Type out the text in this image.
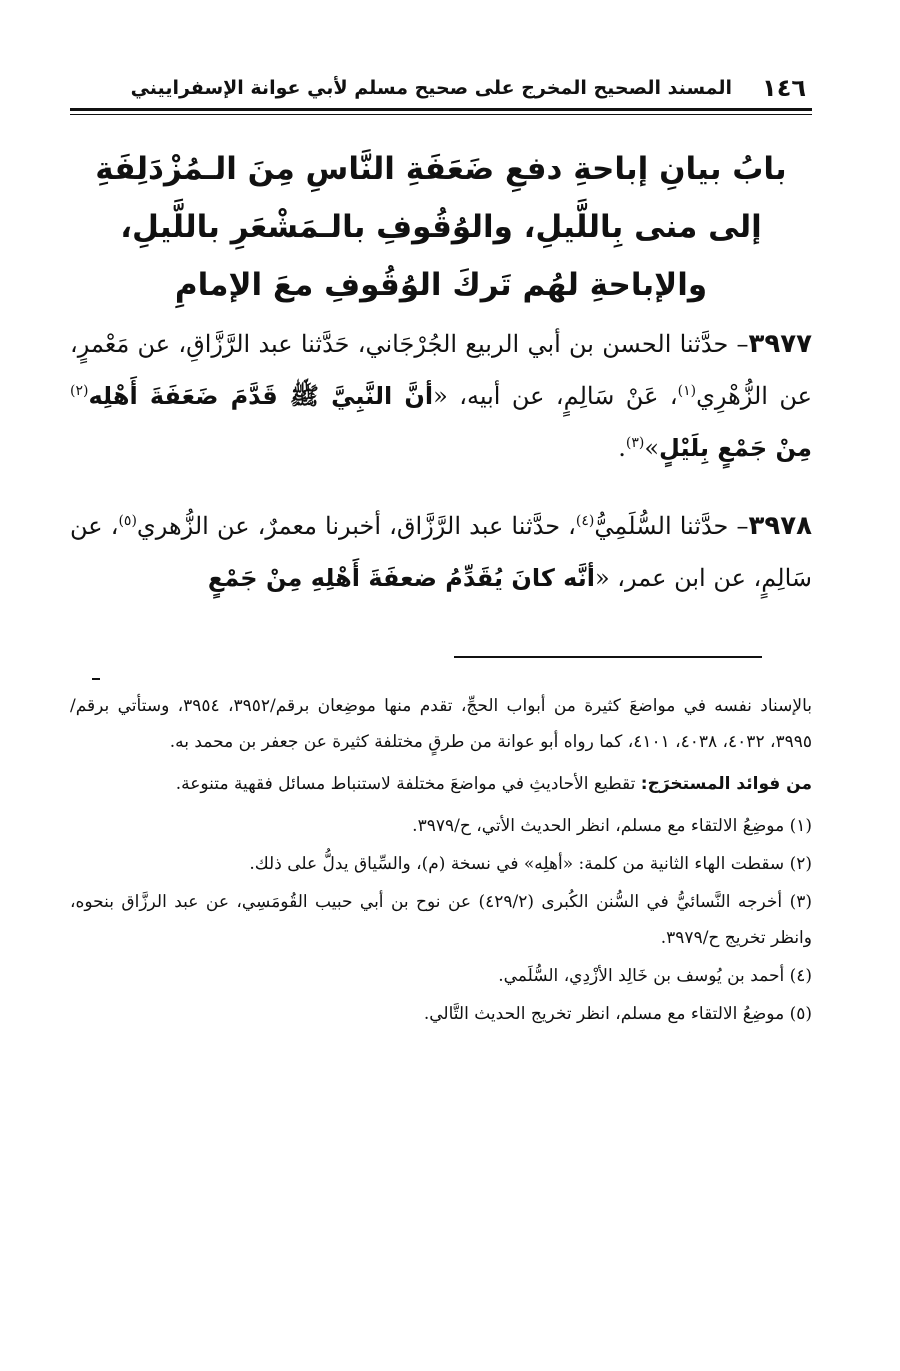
١٤٦
المسند الصحيح المخرج على صحيح مسلم لأبي عوانة الإسفراييني
بابُ بيانِ إباحةِ دفعِ ضَعَفَةِ النَّاسِ مِنَ الـمُزْدَلِفَةِ إلى منى بِاللَّيلِ، والوُقُوفِ بالـمَشْعَرِ باللَّيلِ، والإباحةِ لهُم تَركَ الوُقُوفِ معَ الإمامِ
٣٩٧٧– حدَّثنا الحسن بن أبي الربيع الجُرْجَاني، حَدَّثنا عبد الرَّزَّاقِ، عن مَعْمرٍ، عن الزُّهْرِي$^{(١)}$، عَنْ سَالِمٍ، عن أبيه، «أنَّ النَّبِيَّ ﷺ قَدَّمَ ضَعَفَةَ أَهْلِه$^{(٢)}$ مِنْ جَمْعٍ بِلَيْلٍ»$^{(٣)}$.
٣٩٧٨– حدَّثنا السُّلَمِيُّ$^{(٤)}$، حدَّثنا عبد الرَّزَّاق، أخبرنا معمرٌ، عن الزُّهري$^{(٥)}$، عن سَالِمٍ، عن ابن عمر، «أنَّه كانَ يُقَدِّمُ ضعفَةَ أَهْلِهِ مِنْ جَمْعٍ

بالإسناد نفسه في مواضعَ كثيرة من أبواب الحجِّ، تقدم منها موضِعان برقم/٣٩٥٢، ٣٩٥٤، وستأتي برقم/ ٣٩٩٥، ٤٠٣٢، ٤٠٣٨، ٤١٠١، كما رواه أبو عوانة من طرقٍ مختلفة كثيرة عن جعفر بن محمد به.

من فوائد المستخرَج: تقطيع الأحاديثِ في مواضعَ مختلفة لاستنباط مسائل فقهية متنوعة.

(١) موضِعُ الالتقاء مع مسلم، انظر الحديث الأتي، ح/٣٩٧٩.

(٢) سقطت الهاء الثانية من كلمة: «أهلِه» في نسخة (م)، والسِّياق يدلُّ على ذلك.

(٣) أخرجه النَّسائيُّ في السُّنن الكُبرى (٤٢٩/٢) عن نوح بن أبي حبيب القُومَسِي، عن عبد الرزَّاق بنحوه، وانظر تخريج ح/٣٩٧٩.

(٤) أحمد بن يُوسف بن خَالِد الأزْدِي، السُّلَمي.

(٥) موضِعُ الالتقاء مع مسلم، انظر تخريج الحديث التَّالي.
